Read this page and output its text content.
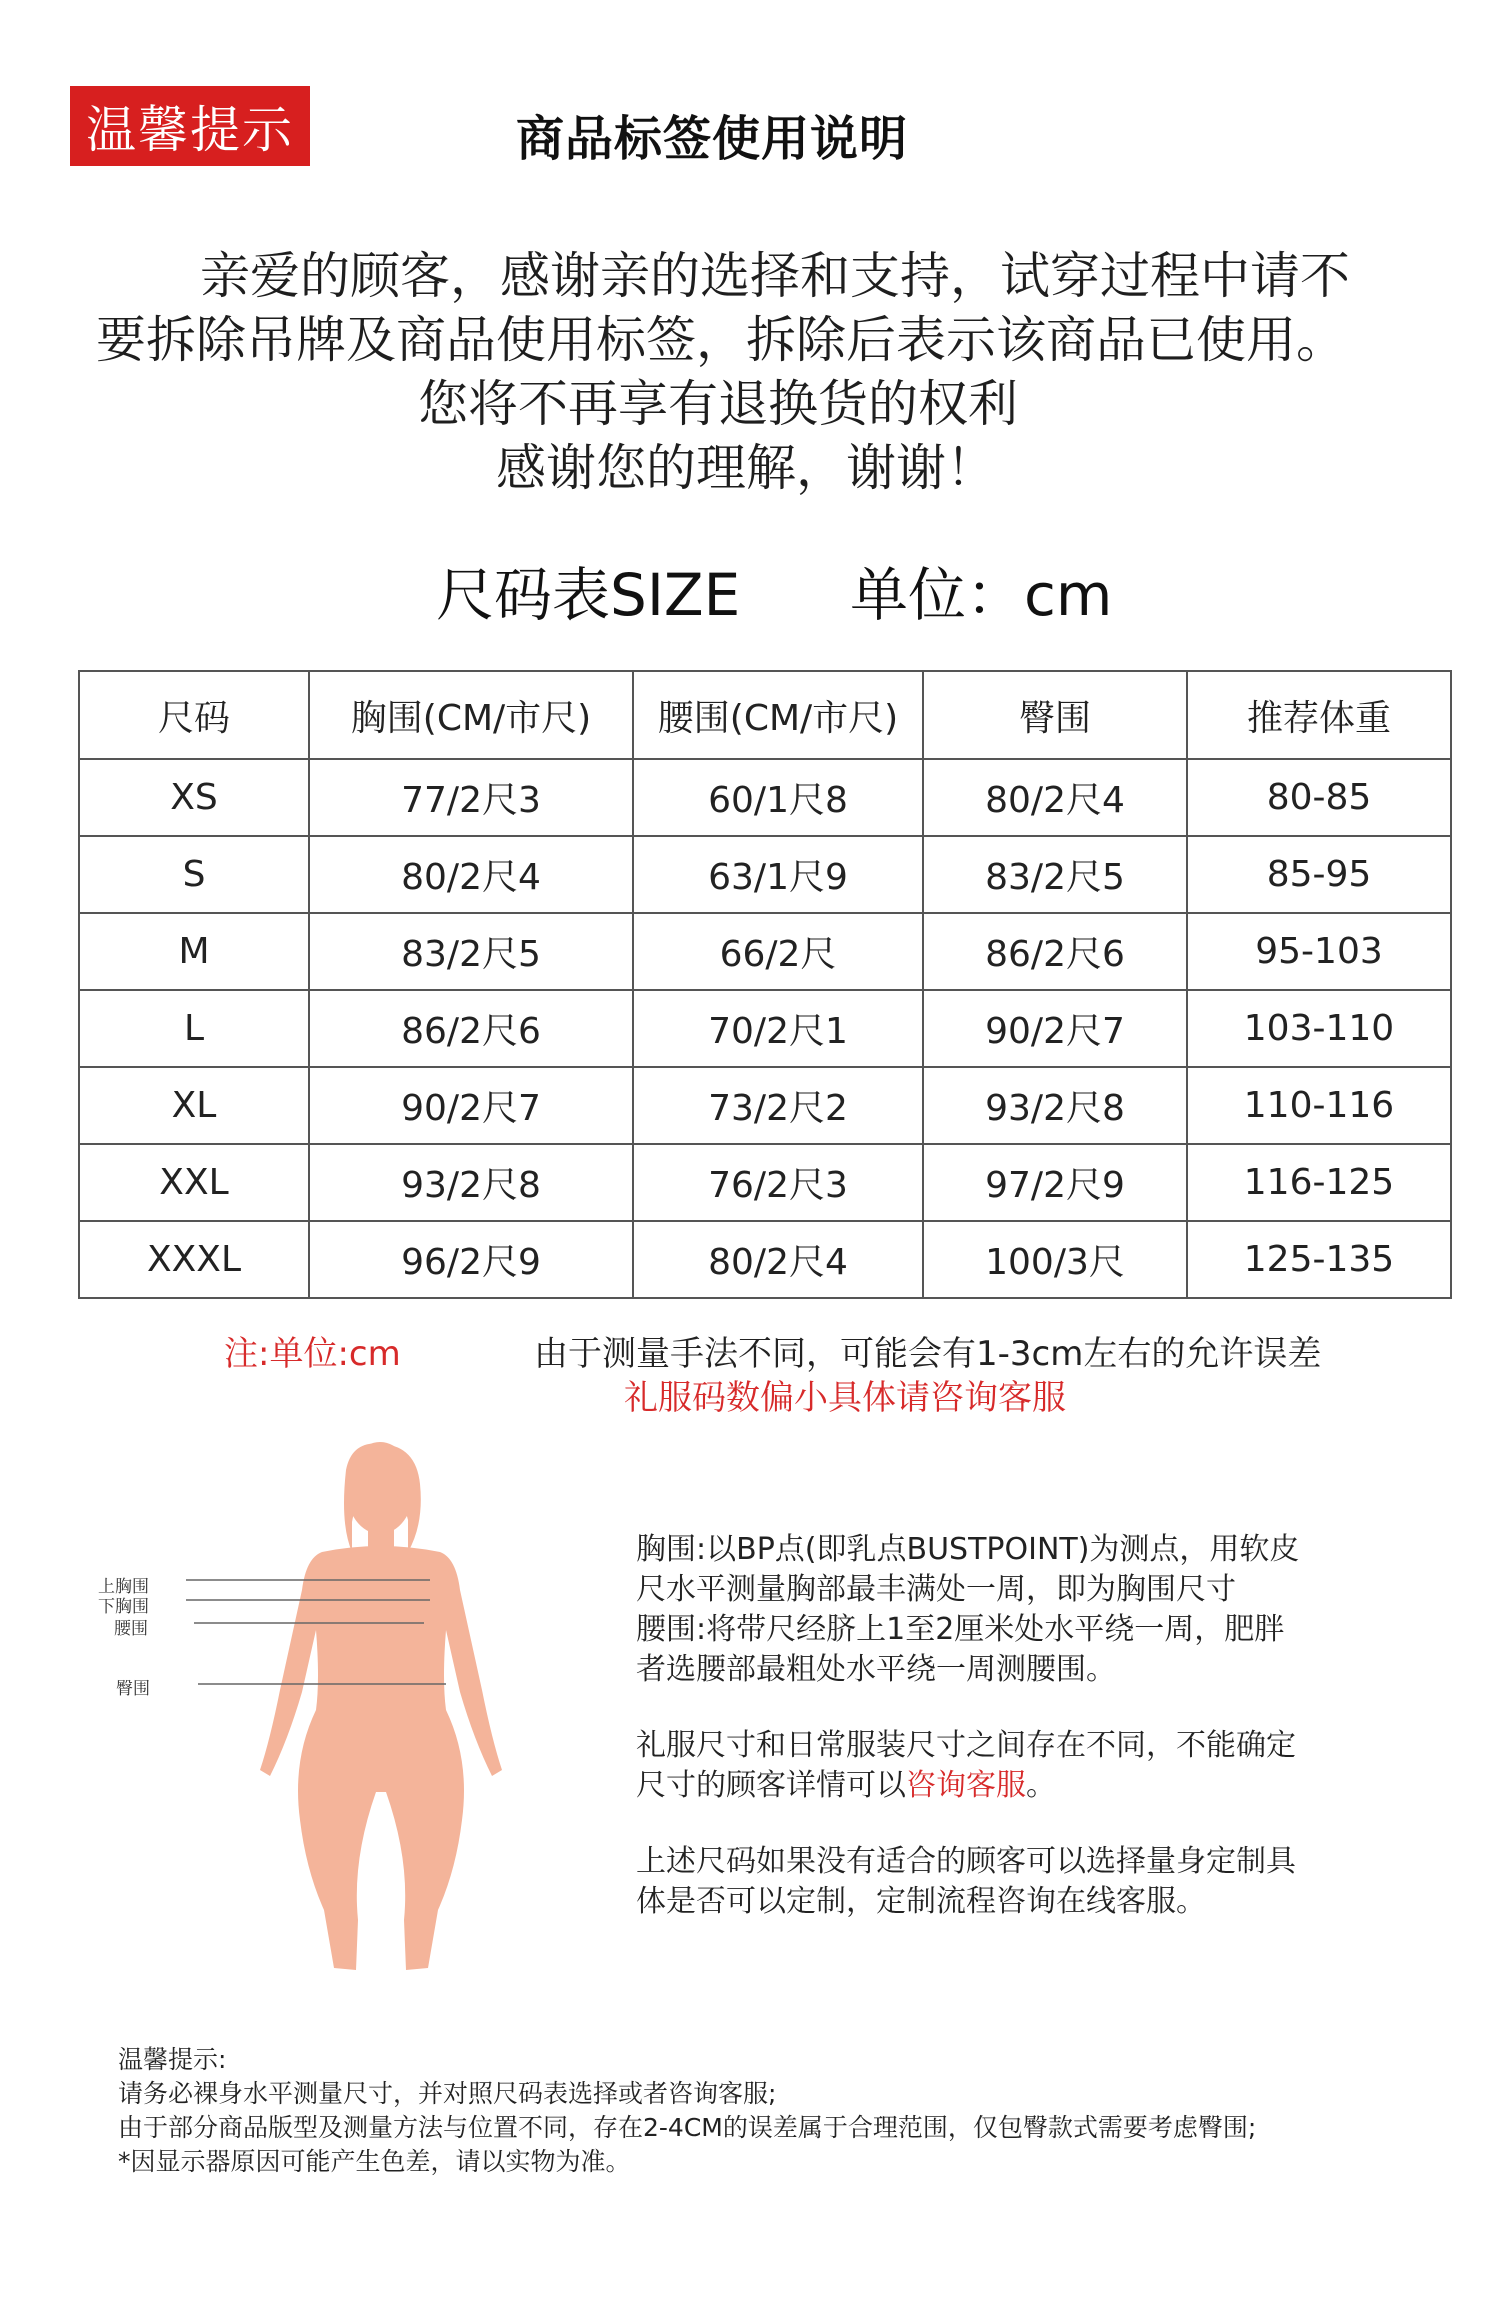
温馨提示	商品标签使用说明
亲爱的顾客，感谢亲的选择和支持，试穿过程中请不
要拆除吊牌及商品使用标签，拆除后表示该商品已使用。
您将不再享有退换货的权利
感谢您的理解，谢谢！
尺码表SIZE 单位：cm
尺码	胸围(CM/市尺)	腰围(CM/市尺)	臀围	推荐体重
XS	77/2尺3	60/1尺8	80/2尺4	80-85
S	80/2尺4	63/1尺9	83/2尺5	85-95
M	83/2尺5	66/2尺	86/2尺6	95-103
L	86/2尺6	70/2尺1	90/2尺7	103-110
XL	90/2尺7	73/2尺2	93/2尺8	110-116
XXL	93/2尺8	76/2尺3	97/2尺9	116-125
XXXL	96/2尺9	80/2尺4	100/3尺	125-135
注:单位:cm	由于测量手法不同，可能会有1-3cm左右的允许误差
礼服码数偏小具体请咨询客服
上胸围
下胸围
腰围
臀围
胸围:以BP点(即乳点BUSTPOINT)为测点，用软皮
尺水平测量胸部最丰满处一周，即为胸围尺寸
腰围:将带尺经脐上1至2厘米处水平绕一周，肥胖
者选腰部最粗处水平绕一周测腰围。
礼服尺寸和日常服装尺寸之间存在不同，不能确定
尺寸的顾客详情可以咨询客服。
上述尺码如果没有适合的顾客可以选择量身定制具
体是否可以定制，定制流程咨询在线客服。
温馨提示:
请务必裸身水平测量尺寸，并对照尺码表选择或者咨询客服;
由于部分商品版型及测量方法与位置不同，存在2-4CM的误差属于合理范围，仅包臀款式需要考虑臀围;
*因显示器原因可能产生色差，请以实物为准。
